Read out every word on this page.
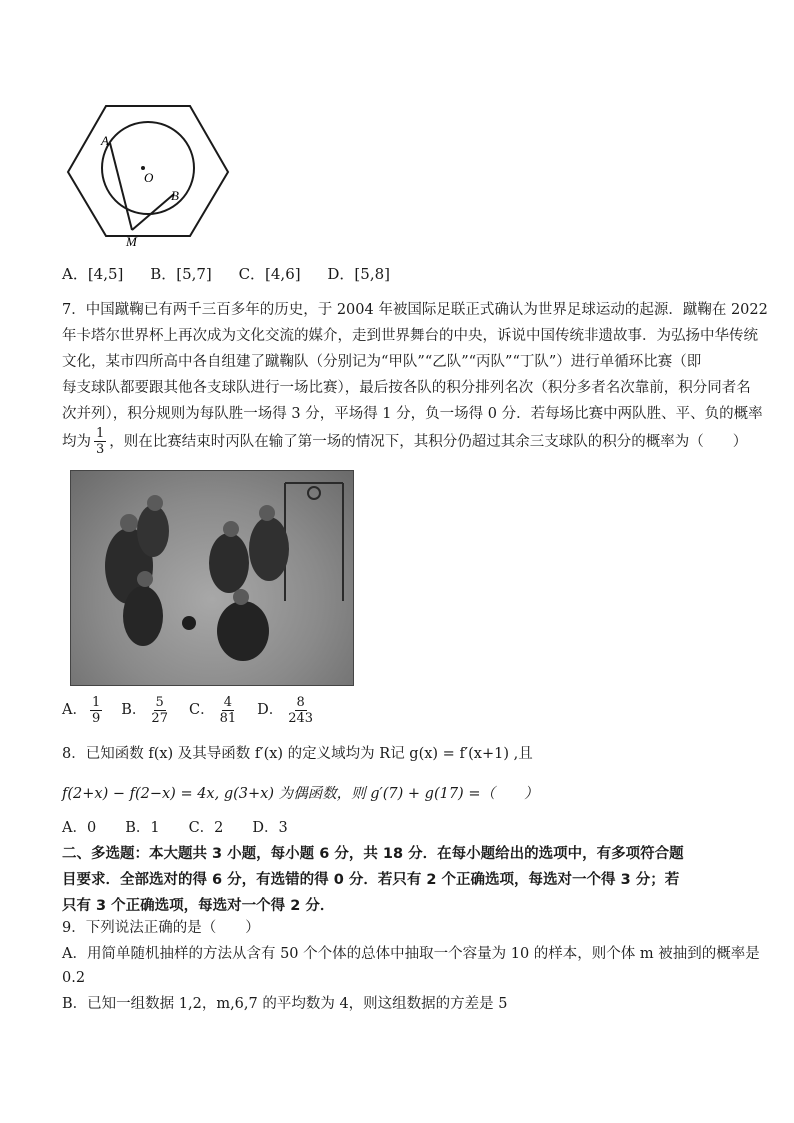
A
O
B
M
A．[4,5] B．[5,7] C．[4,6] D．[5,8]
7．中国蹴鞠已有两千三百多年的历史，于 2004 年被国际足联正式确认为世界足球运动的起源．蹴鞠在 2022
年卡塔尔世界杯上再次成为文化交流的媒介，走到世界舞台的中央，诉说中国传统非遗故事．为弘扬中华传统
文化，某市四所高中各自组建了蹴鞠队（分别记为“甲队”“乙队”“丙队”“丁队”）进行单循环比赛（即
每支球队都要跟其他各支球队进行一场比赛），最后按各队的积分排列名次（积分多者名次靠前，积分同者名
次并列），积分规则为每队胜一场得 3 分，平场得 1 分，负一场得 0 分．若每场比赛中两队胜、平、负的概率
均为 $\frac{1}{3}$ ，则在比赛结束时丙队在输了第一场的情况下，其积分仍超过其余三支球队的积分的概率为（　　）
A． $\frac{1}{9}$ B． $\frac{5}{27}$ C． $\frac{4}{81}$ D． $\frac{8}{243}$
8．已知函数 f(x) 及其导函数 f′(x) 的定义域均为 R记 g(x) = f′(x+1) ,且
f(2+x) − f(2−x) = 4x, g(3+x) 为偶函数，则 g′(7) + g(17) =（　　）
A．0　　B．1　　C．2　　D．3
二、多选题：本大题共 3 小题，每小题 6 分，共 18 分．在每小题给出的选项中，有多项符合题
目要求．全部选对的得 6 分，有选错的得 0 分．若只有 2 个正确选项，每选对一个得 3 分；若
只有 3 个正确选项，每选对一个得 2 分．
9．下列说法正确的是（　　）
A．用简单随机抽样的方法从含有 50 个个体的总体中抽取一个容量为 10 的样本，则个体 m 被抽到的概率是
0.2
B．已知一组数据 1,2，m,6,7 的平均数为 4，则这组数据的方差是 5
